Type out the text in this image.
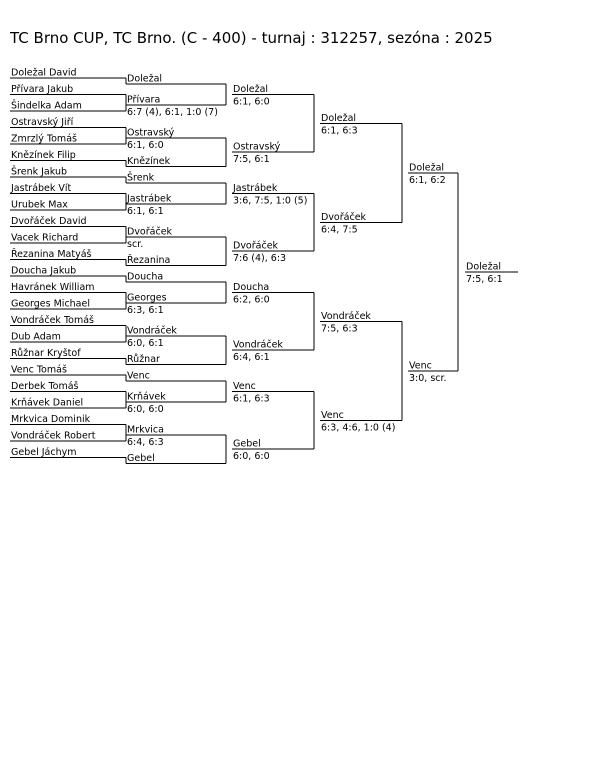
TC Brno CUP, TC Brno. (C - 400) - turnaj : 312257, sezóna : 2025
Doležal David
Přívara Jakub
Šindelka Adam
Ostravský Jiří
Zmrzlý Tomáš
Knězínek Filip
Šrenk Jakub
Jastrábek Vít
Urubek Max
Dvořáček David
Vacek Richard
Řezanina Matyáš
Doucha Jakub
Havránek William
Georges Michael
Vondráček Tomáš
Dub Adam
Růžnar Kryštof
Venc Tomáš
Derbek Tomáš
Krňávek Daniel
Mrkvica Dominik
Vondráček Robert
Gebel Jáchym
Doležal
Přívara
6:7 (4), 6:1, 1:0 (7)
Ostravský
6:1, 6:0
Knězínek
Šrenk
Jastrábek
6:1, 6:1
Dvořáček
scr.
Řezanina
Doucha
Georges
6:3, 6:1
Vondráček
6:0, 6:1
Růžnar
Venc
Krňávek
6:0, 6:0
Mrkvica
6:4, 6:3
Gebel
Doležal
6:1, 6:0
Ostravský
7:5, 6:1
Jastrábek
3:6, 7:5, 1:0 (5)
Dvořáček
7:6 (4), 6:3
Doucha
6:2, 6:0
Vondráček
6:4, 6:1
Venc
6:1, 6:3
Gebel
6:0, 6:0
Doležal
6:1, 6:3
Dvořáček
6:4, 7:5
Vondráček
7:5, 6:3
Venc
6:3, 4:6, 1:0 (4)
Doležal
6:1, 6:2
Venc
3:0, scr.
Doležal
7:5, 6:1
